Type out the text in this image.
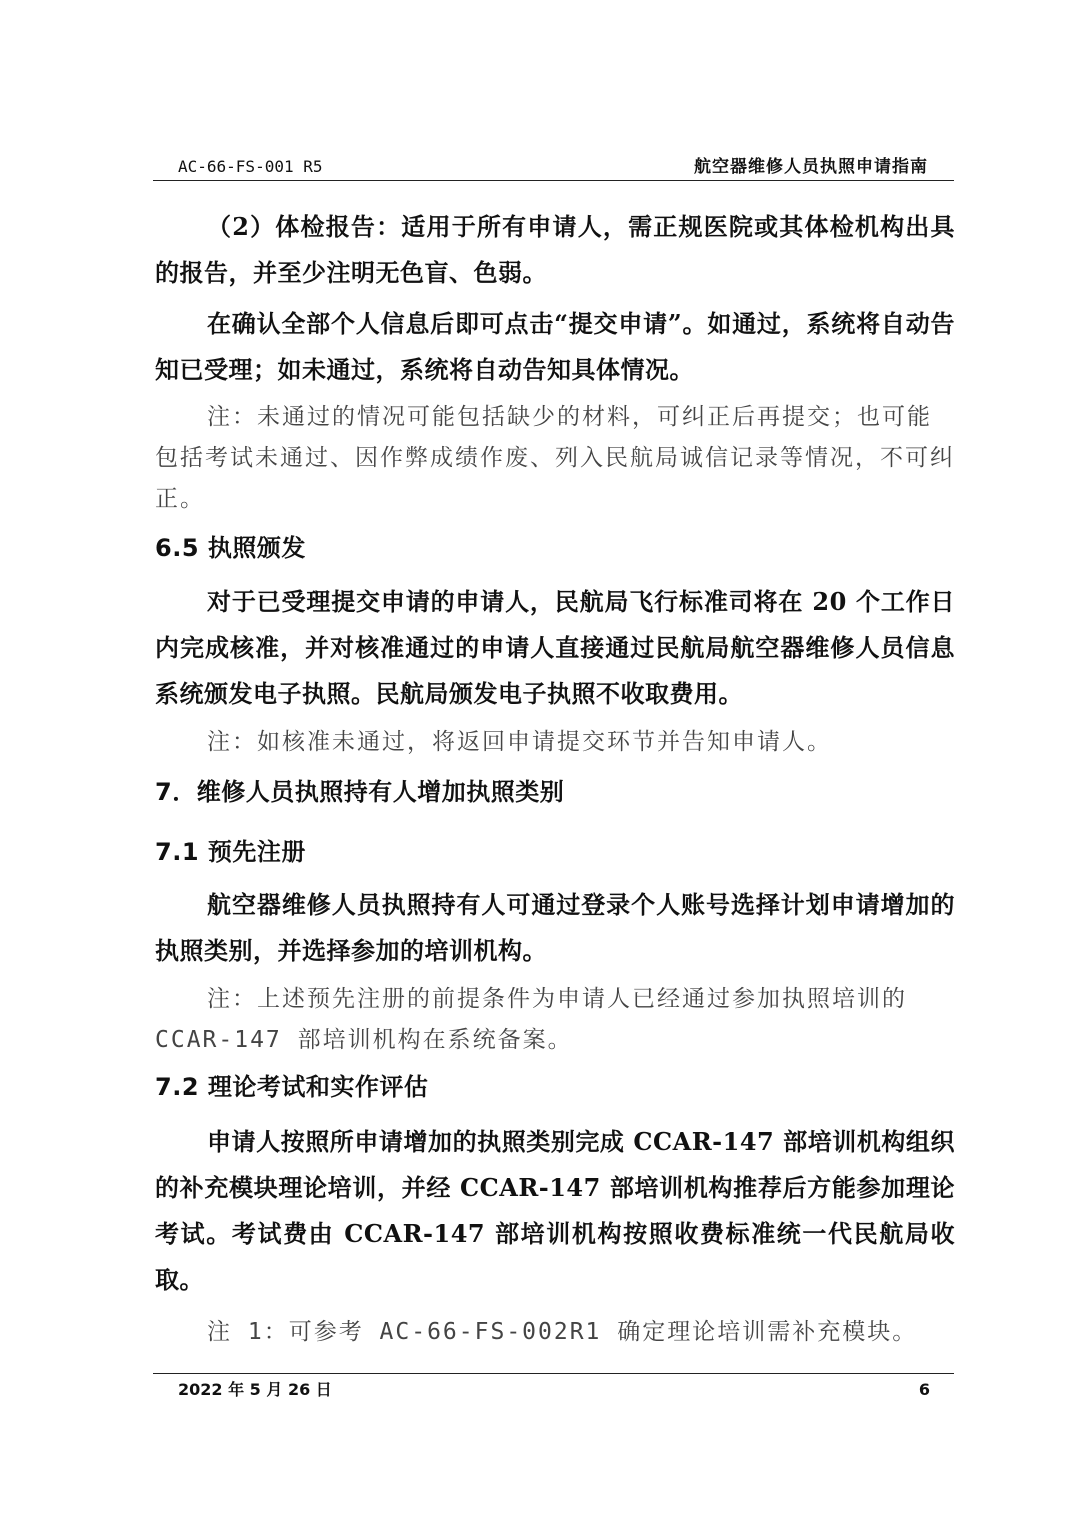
AC-66-FS-001 R5	航空器维修人员执照申请指南

（2）体检报告：适用于所有申请人，需正规医院或其体检机构出具的报告，并至少注明无色盲、色弱。

在确认全部个人信息后即可点击“提交申请”。如通过，系统将自动告知已受理；如未通过，系统将自动告知具体情况。

注：未通过的情况可能包括缺少的材料，可纠正后再提交；也可能包括考试未通过、因作弊成绩作废、列入民航局诚信记录等情况，不可纠正。

6.5 执照颁发

对于已受理提交申请的申请人，民航局飞行标准司将在 20 个工作日内完成核准，并对核准通过的申请人直接通过民航局航空器维修人员信息系统颁发电子执照。民航局颁发电子执照不收取费用。

注：如核准未通过，将返回申请提交环节并告知申请人。

7．维修人员执照持有人增加执照类别
7.1 预先注册

航空器维修人员执照持有人可通过登录个人账号选择计划申请增加的执照类别，并选择参加的培训机构。

注：上述预先注册的前提条件为申请人已经通过参加执照培训的 CCAR-147 部培训机构在系统备案。

7.2 理论考试和实作评估

申请人按照所申请增加的执照类别完成 CCAR-147 部培训机构组织的补充模块理论培训，并经 CCAR-147 部培训机构推荐后方能参加理论考试。考试费由 CCAR-147 部培训机构按照收费标准统一代民航局收取。

注 1：可参考 AC-66-FS-002R1 确定理论培训需补充模块。

2022 年 5 月 26 日	6
